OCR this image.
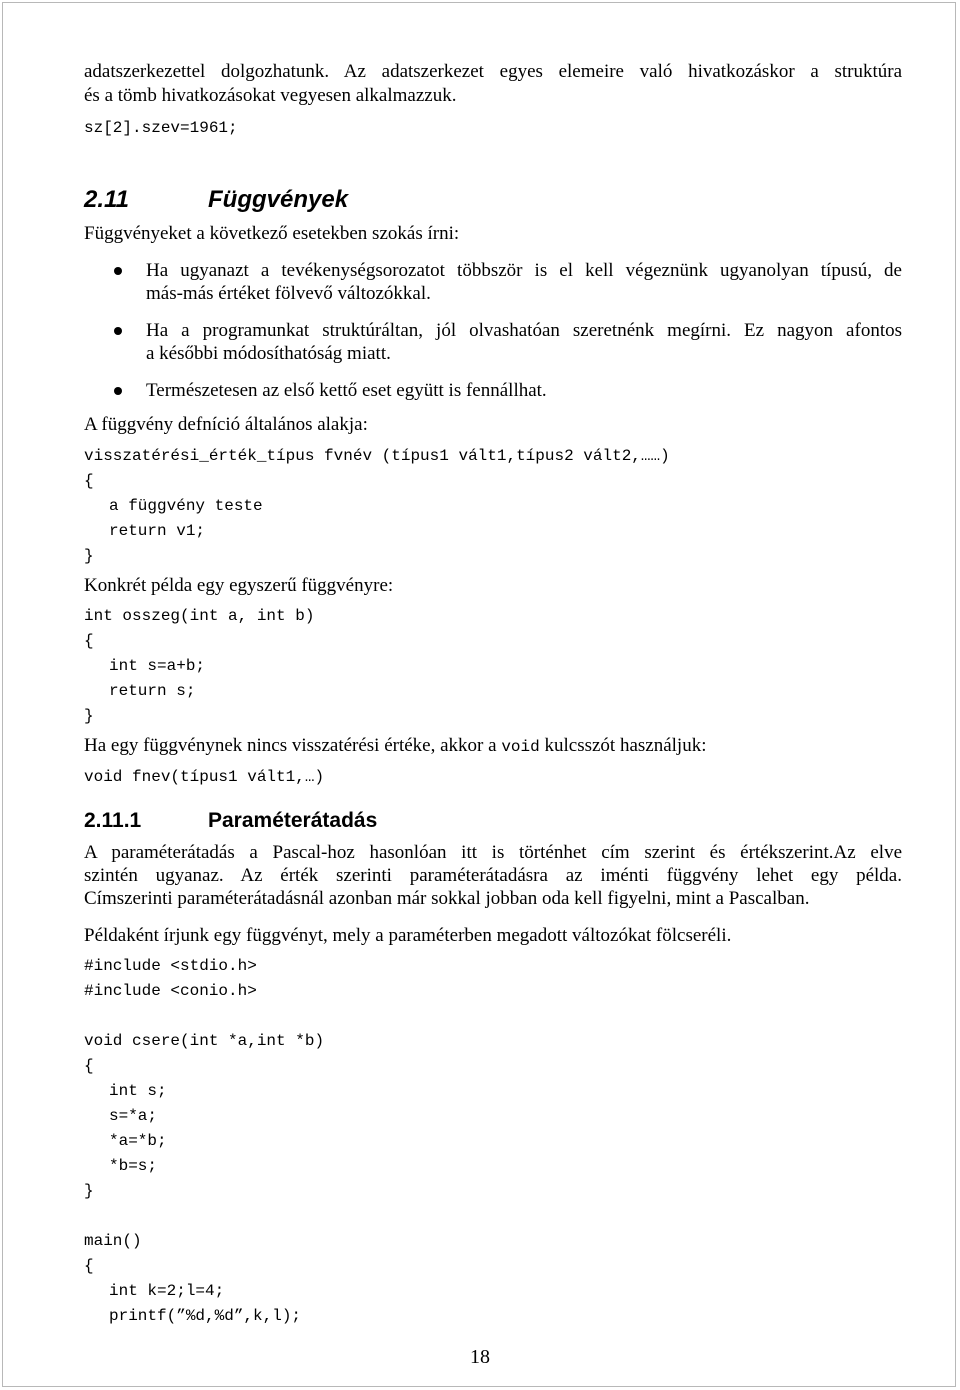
adatszerkezettel dolgozhatunk. Az adatszerkezet egyes elemeire való hivatkozáskor a struktúra

és a tömb hivatkozásokat vegyesen alkalmazzuk.

sz[2].szev=1961;

2.11	Függvények

Függvényeket a következő esetekben szokás írni:

Ha ugyanazt a tevékenységsorozatot többször is el kell végeznünk ugyanolyan típusú, de
más-más értéket fölvevő változókkal.
Ha a programunkat struktúráltan, jól olvashatóan szeretnénk megírni. Ez nagyon afontos
a későbbi módosíthatóság miatt.
Természetesen az első kettő eset együtt is fennállhat.

A függvény defníció általános alakja:

visszatérési_érték_típus fvnév (típus1 vált1,típus2 vált2,……)
{
a függvény teste
return v1;
}

Konkrét példa egy egyszerű függvényre:

int osszeg(int a, int b)
{
int s=a+b;
return s;
}

Ha egy függvénynek nincs visszatérési értéke, akkor a void kulcsszót használjuk:

void fnev(típus1 vált1,…)

2.11.1	Paraméterátadás
A paraméterátadás a Pascal-hoz hasonlóan itt is történhet cím szerint és értékszerint.Az elve
szintén ugyanaz. Az érték szerinti paraméterátadásra az iménti függvény lehet egy példa.
Címszerinti paraméterátadásnál azonban már sokkal jobban oda kell figyelni, mint a Pascalban.

Példaként írjunk egy függvényt, mely a paraméterben megadott változókat fölcseréli.

#include <stdio.h>
#include <conio.h>
void csere(int *a,int *b)
{
int s;
s=*a;
*a=*b;
*b=s;
}
main()
{
int k=2;l=4;
printf(”%d,%d”,k,l);
18
